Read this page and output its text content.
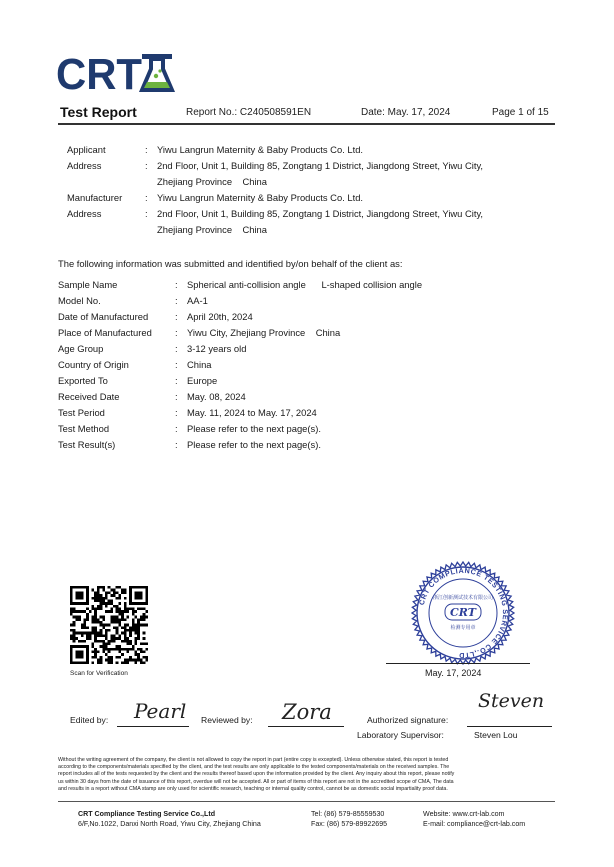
CRT
Test Report	Report No.: C240508591EN	Date: May. 17, 2024	Page 1 of 15
Applicant	: Yiwu Langrun Maternity & Baby Products Co. Ltd.
Address	: 2nd Floor, Unit 1, Building 85, Zongtang 1 District, Jiangdong Street, Yiwu City,
Zhejiang Province    China
Manufacturer : Yiwu Langrun Maternity & Baby Products Co. Ltd.
Address	: 2nd Floor, Unit 1, Building 85, Zongtang 1 District, Jiangdong Street, Yiwu City,
Zhejiang Province    China
The following information was submitted and identified by/on behalf of the client as:
Sample Name	: Spherical anti-collision angle      L-shaped collision angle
Model No.	: AA-1
Date of Manufactured	: April 20th, 2024
Place of Manufactured : Yiwu City, Zhejiang Province    China
Age Group	: 3-12 years old
Country of Origin	: China
Exported To	: Europe
Received Date	: May. 08, 2024
Test Period	: May. 11, 2024 to May. 17, 2024
Test Method	: Please refer to the next page(s).
Test Result(s)	: Please refer to the next page(s).
Scan for Verification
CRT COMPLIANCE TESTING SERVICE CO.,LTD
浙江创新测试技术有限公司
CRT
检测专用章
May. 17, 2024
Edited by: Pearl Reviewed by: Zora	Authorized signature:
Steven
Laboratory Supervisor:	Steven Lou
Without the writing agreement of the company, the client is not allowed to copy the report in part (entire copy is excepted). Unless otherwise stated, this report is tested
according to the components/materials specified by the client, and the test results are only applicable to the tested components/materials on the received samples. The
report includes all of the tests requested by the client and the results thereof based upon the information provided by the client. Any inquiry about this report, please notify
us within 30 days from the date of issuance of this report, overdue will not be accepted. All or part of items of this report are not in the accredited scope of CMA, The data
and results in a report without CMA stamp are only used for scientific research, teaching or internal quality control, cannot be as domestic social impartiality proof data.
CRT Compliance Testing Service Co.,Ltd
6/F,No.1022, Danxi North Road, Yiwu City, Zhejiang China
Tel: (86) 579-85559530
Fax: (86) 579-89922695
Website: www.crt-lab.com
E-mail: compliance@crt-lab.com
